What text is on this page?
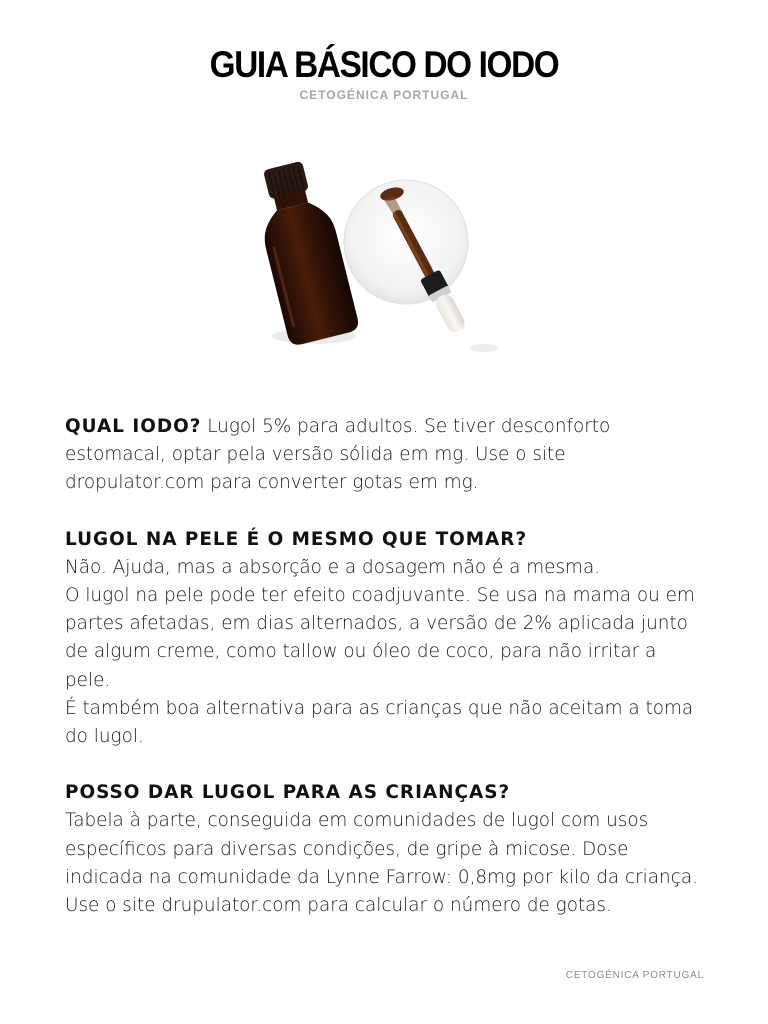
GUIA BÁSICO DO IODO
CETOGÉNICA PORTUGAL

QUAL IODO? Lugol 5% para adultos. Se tiver desconforto estomacal, optar pela versão sólida em mg. Use o site dropulator.com para converter gotas em mg.

LUGOL NA PELE É O MESMO QUE TOMAR?

Não. Ajuda, mas a absorção e a dosagem não é a mesma.

O lugol na pele pode ter efeito coadjuvante. Se usa na mama ou em partes afetadas, em dias alternados, a versão de 2% aplicada junto de algum creme, como tallow ou óleo de coco, para não irritar a pele.

É também boa alternativa para as crianças que não aceitam a toma do lugol.

POSSO DAR LUGOL PARA AS CRIANÇAS?

Tabela à parte, conseguida em comunidades de lugol com usos específicos para diversas condições, de gripe à micose. Dose indicada na comunidade da Lynne Farrow: 0,8mg por kilo da criança. Use o site drupulator.com para calcular o número de gotas.

CETOGÉNICA PORTUGAL
